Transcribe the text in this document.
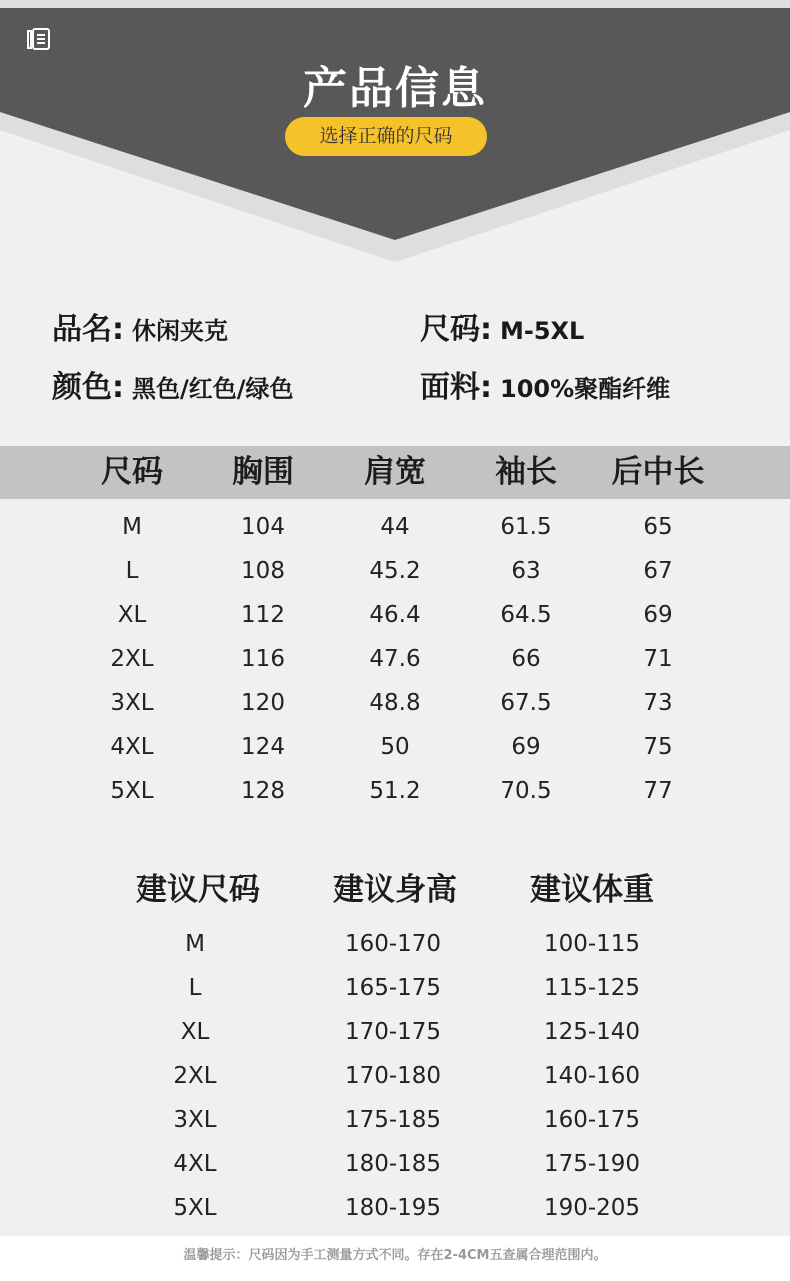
产品信息
选择正确的尺码
品名: 休闲夹克	尺码: M-5XL
颜色: 黑色/红色/绿色	面料: 100%聚酯纤维
尺码 胸围 肩宽 袖长 后中长
M	104	44	61.5	65
L	108	45.2	63	67
XL	112	46.4	64.5	69
2XL	116	47.6	66	71
3XL	120	48.8	67.5	73
4XL	124	50	69	75
5XL	128	51.2	70.5	77
建议尺码 建议身高 建议体重
M	160-170	100-115
L	165-175	115-125
XL	170-175	125-140
2XL	170-180	140-160
3XL	175-185	160-175
4XL	180-185	175-190
5XL	180-195	190-205
温馨提示：尺码因为手工测量方式不同。存在2-4CM五查属合理范围内。
